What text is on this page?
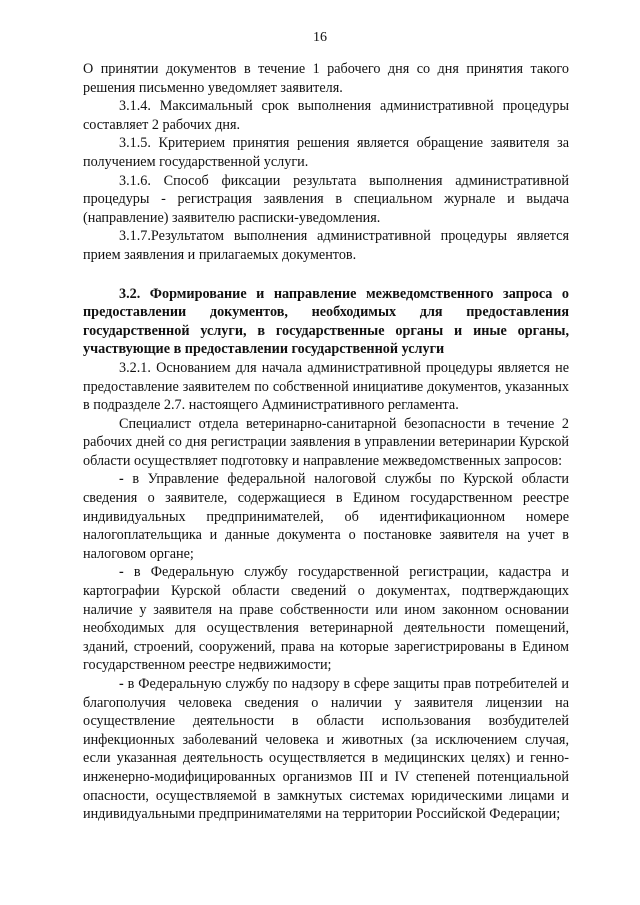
16

О принятии документов в течение 1 рабочего дня со дня принятия такого решения письменно уведомляет заявителя.

3.1.4. Максимальный срок выполнения административной процедуры составляет 2 рабочих дня.

3.1.5. Критерием принятия решения является обращение заявителя за получением государственной услуги.

3.1.6. Способ фиксации результата выполнения административной процедуры - регистрация заявления в специальном журнале и выдача (направление) заявителю расписки-уведомления.

3.1.7.Результатом выполнения административной процедуры является прием заявления и прилагаемых документов.

3.2. Формирование и направление межведомственного запроса о предоставлении документов, необходимых для предоставления государственной услуги, в государственные органы и иные органы, участвующие в предоставлении государственной услуги

3.2.1. Основанием для начала административной процедуры является не предоставление заявителем по собственной инициативе документов, указанных в подразделе 2.7. настоящего Административного регламента.

Специалист отдела ветеринарно-санитарной безопасности в течение 2 рабочих дней со дня регистрации заявления в управлении ветеринарии Курской области осуществляет подготовку и направление межведомственных запросов:

- в Управление федеральной налоговой службы по Курской области сведения о заявителе, содержащиеся в Едином государственном реестре индивидуальных предпринимателей, об идентификационном номере налогоплательщика и данные документа о постановке заявителя на учет в налоговом органе;

- в Федеральную службу государственной регистрации, кадастра и картографии Курской области сведений о документах, подтверждающих наличие у заявителя на праве собственности или ином законном основании необходимых для осуществления ветеринарной деятельности помещений, зданий, строений, сооружений, права на которые зарегистрированы в Едином государственном реестре недвижимости;

- в Федеральную службу по надзору в сфере защиты прав потребителей и благополучия человека сведения о наличии у заявителя лицензии на осуществление деятельности в области использования возбудителей инфекционных заболеваний человека и животных (за исключением случая, если указанная деятельность осуществляется в медицинских целях) и генно-инженерно-модифицированных организмов III и IV степеней потенциальной опасности, осуществляемой в замкнутых системах юридическими лицами и индивидуальными предпринимателями на территории Российской Федерации;
